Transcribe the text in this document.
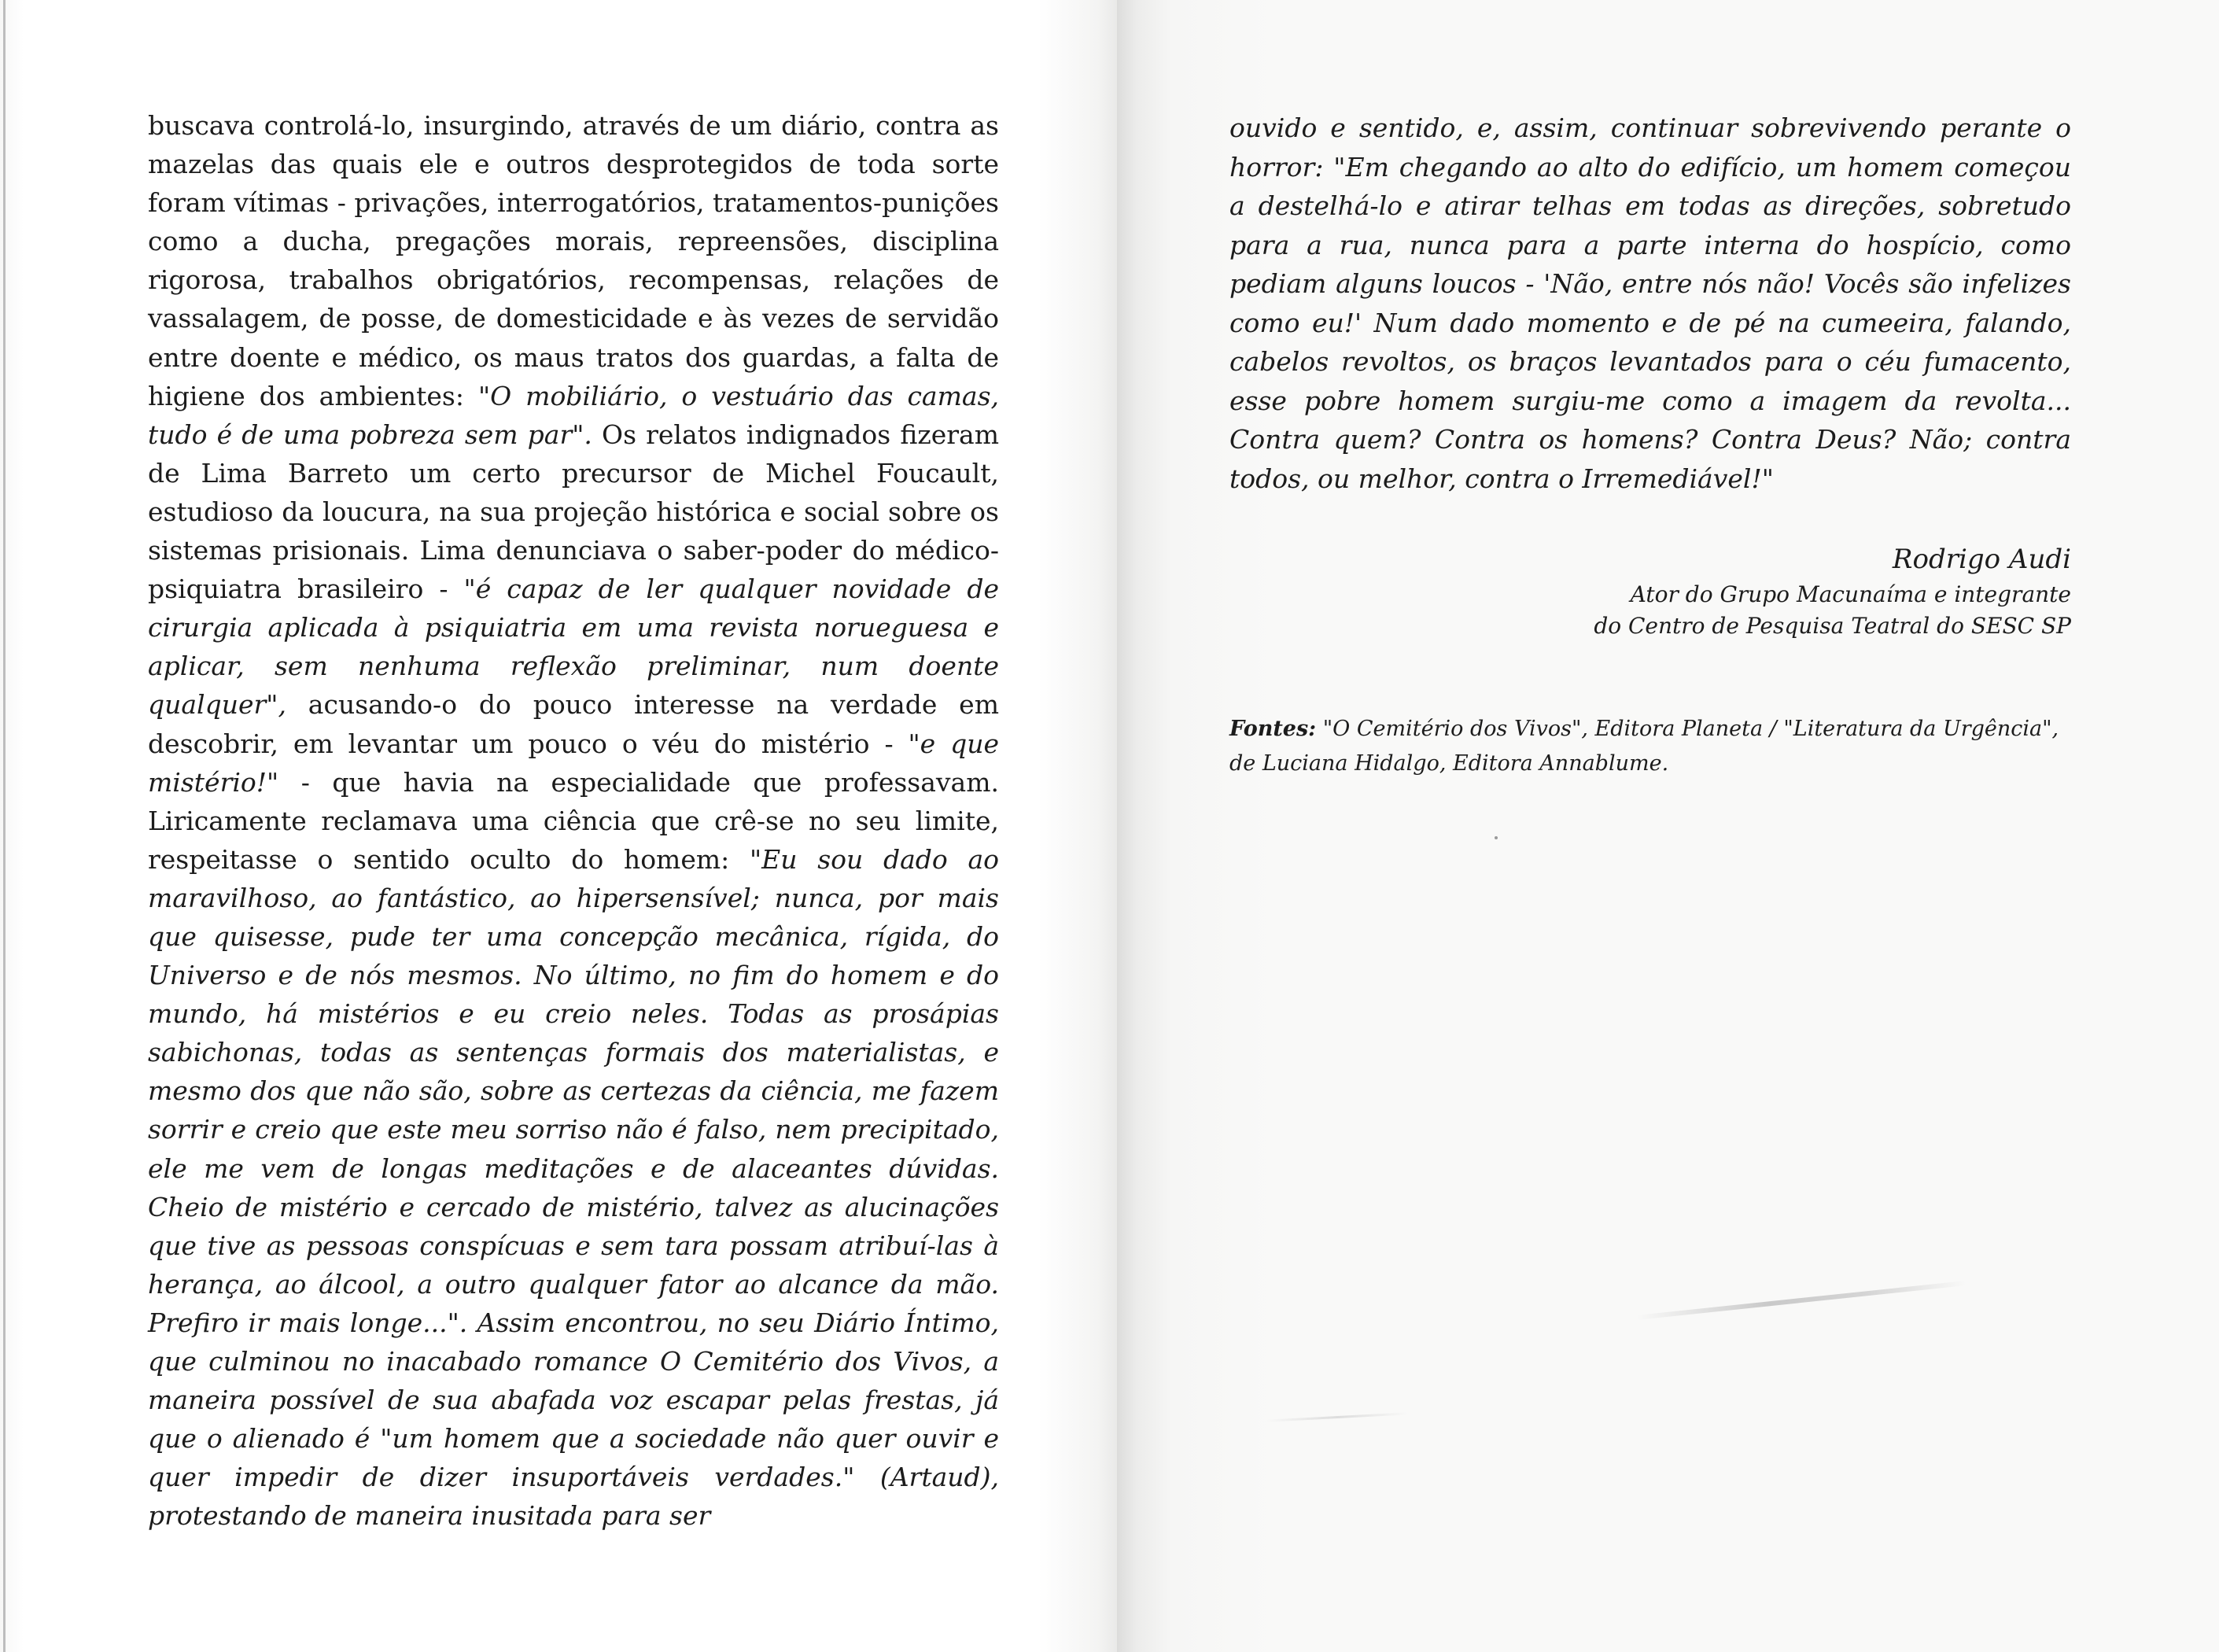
buscava controlá-lo, insurgindo, através de um diário, contra as mazelas das quais ele e outros desprotegidos de toda sorte foram vítimas - privações, interrogatórios, tratamentos-punições como a ducha, pregações morais, repreensões, disciplina rigorosa, trabalhos obrigatórios, recompensas, relações de vassalagem, de posse, de domesticidade e às vezes de servidão entre doente e médico, os maus tratos dos guardas, a falta de higiene dos ambientes: "O mobiliário, o vestuário das camas, tudo é de uma pobreza sem par". Os relatos indignados fizeram de Lima Barreto um certo precursor de Michel Foucault, estudioso da loucura, na sua projeção histórica e social sobre os sistemas prisionais. Lima denunciava o saber-poder do médico-psiquiatra brasileiro - "é capaz de ler qualquer novidade de cirurgia aplicada à psiquiatria em uma revista norueguesa e aplicar, sem nenhuma reflexão preliminar, num doente qualquer", acusando-o do pouco interesse na verdade em descobrir, em levantar um pouco o véu do mistério - "e que mistério!" - que havia na especialidade que professavam. Liricamente reclamava uma ciência que crê-se no seu limite, respeitasse o sentido oculto do homem: "Eu sou dado ao maravilhoso, ao fantástico, ao hipersensível; nunca, por mais que quisesse, pude ter uma concepção mecânica, rígida, do Universo e de nós mesmos. No último, no fim do homem e do mundo, há mistérios e eu creio neles. Todas as prosápias sabichonas, todas as sentenças formais dos materialistas, e mesmo dos que não são, sobre as certezas da ciência, me fazem sorrir e creio que este meu sorriso não é falso, nem precipitado, ele me vem de longas meditações e de alaceantes dúvidas. Cheio de mistério e cercado de mistério, talvez as alucinações que tive as pessoas conspícuas e sem tara possam atribuí-las à herança, ao álcool, a outro qualquer fator ao alcance da mão. Prefiro ir mais longe...". Assim encontrou, no seu Diário Íntimo, que culminou no inacabado romance O Cemitério dos Vivos, a maneira possível de sua abafada voz escapar pelas frestas, já que o alienado é "um homem que a sociedade não quer ouvir e quer impedir de dizer insuportáveis verdades." (Artaud), protestando de maneira inusitada para ser

ouvido e sentido, e, assim, continuar sobrevivendo perante o horror: "Em chegando ao alto do edifício, um homem começou a destelhá-lo e atirar telhas em todas as direções, sobretudo para a rua, nunca para a parte interna do hospício, como pediam alguns loucos - 'Não, entre nós não! Vocês são infelizes como eu!' Num dado momento e de pé na cumeeira, falando, cabelos revoltos, os braços levantados para o céu fumacento, esse pobre homem surgiu-me como a imagem da revolta... Contra quem? Contra os homens? Contra Deus? Não; contra todos, ou melhor, contra o Irremediável!"

Rodrigo Audi
Ator do Grupo Macunaíma e integrante
do Centro de Pesquisa Teatral do SESC SP
Fontes: "O Cemitério dos Vivos", Editora Planeta / "Literatura da Urgência",
de Luciana Hidalgo, Editora Annablume.
